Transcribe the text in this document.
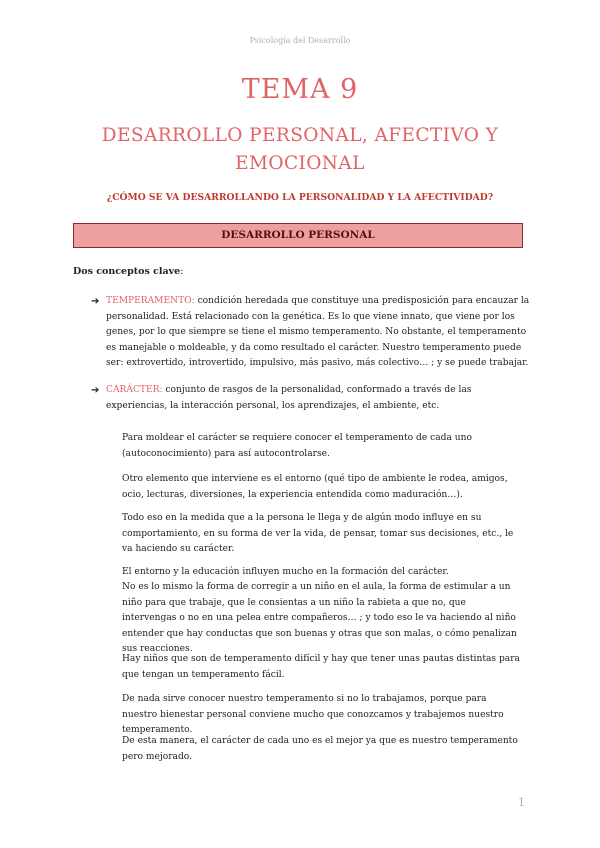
Psicología del Desarrollo
TEMA 9
DESARROLLO PERSONAL, AFECTIVO Y EMOCIONAL
¿CÓMO SE VA DESARROLLANDO LA PERSONALIDAD Y LA AFECTIVIDAD?
DESARROLLO PERSONAL
Dos conceptos clave:
➔ TEMPERAMENTO: condición heredada que constituye una predisposición para encauzar la personalidad. Está relacionado con la genética. Es lo que viene innato, que viene por los genes, por lo que siempre se tiene el mismo temperamento. No obstante, el temperamento es manejable o moldeable, y da como resultado el carácter. Nuestro temperamento puede ser: extrovertido, introvertido, impulsivo, más pasivo, más colectivo… ; y se puede trabajar.

➔ CARÁCTER: conjunto de rasgos de la personalidad, conformado a través de las experiencias, la interacción personal, los aprendizajes, el ambiente, etc.

Para moldear el carácter se requiere conocer el temperamento de cada uno (autoconocimiento) para así autocontrolarse.

Otro elemento que interviene es el entorno (qué tipo de ambiente le rodea, amigos, ocio, lecturas, diversiones, la experiencia entendida como maduración…).

Todo eso en la medida que a la persona le llega y de algún modo influye en su comportamiento, en su forma de ver la vida, de pensar, tomar sus decisiones, etc., le va haciendo su carácter.

El entorno y la educación influyen mucho en la formación del carácter.

No es lo mismo la forma de corregir a un niño en el aula, la forma de estimular a un niño para que trabaje, que le consientas a un niño la rabieta a que no, que intervengas o no en una pelea entre compañeros… ; y todo eso le va haciendo al niño entender que hay conductas que son buenas y otras que son malas, o cómo penalizan sus reacciones.

Hay niños que son de temperamento difícil y hay que tener unas pautas distintas para que tengan un temperamento fácil.

De nada sirve conocer nuestro temperamento si no lo trabajamos, porque para nuestro bienestar personal conviene mucho que conozcamos y trabajemos nuestro temperamento.

De esta manera, el carácter de cada uno es el mejor ya que es nuestro temperamento pero mejorado.

1
